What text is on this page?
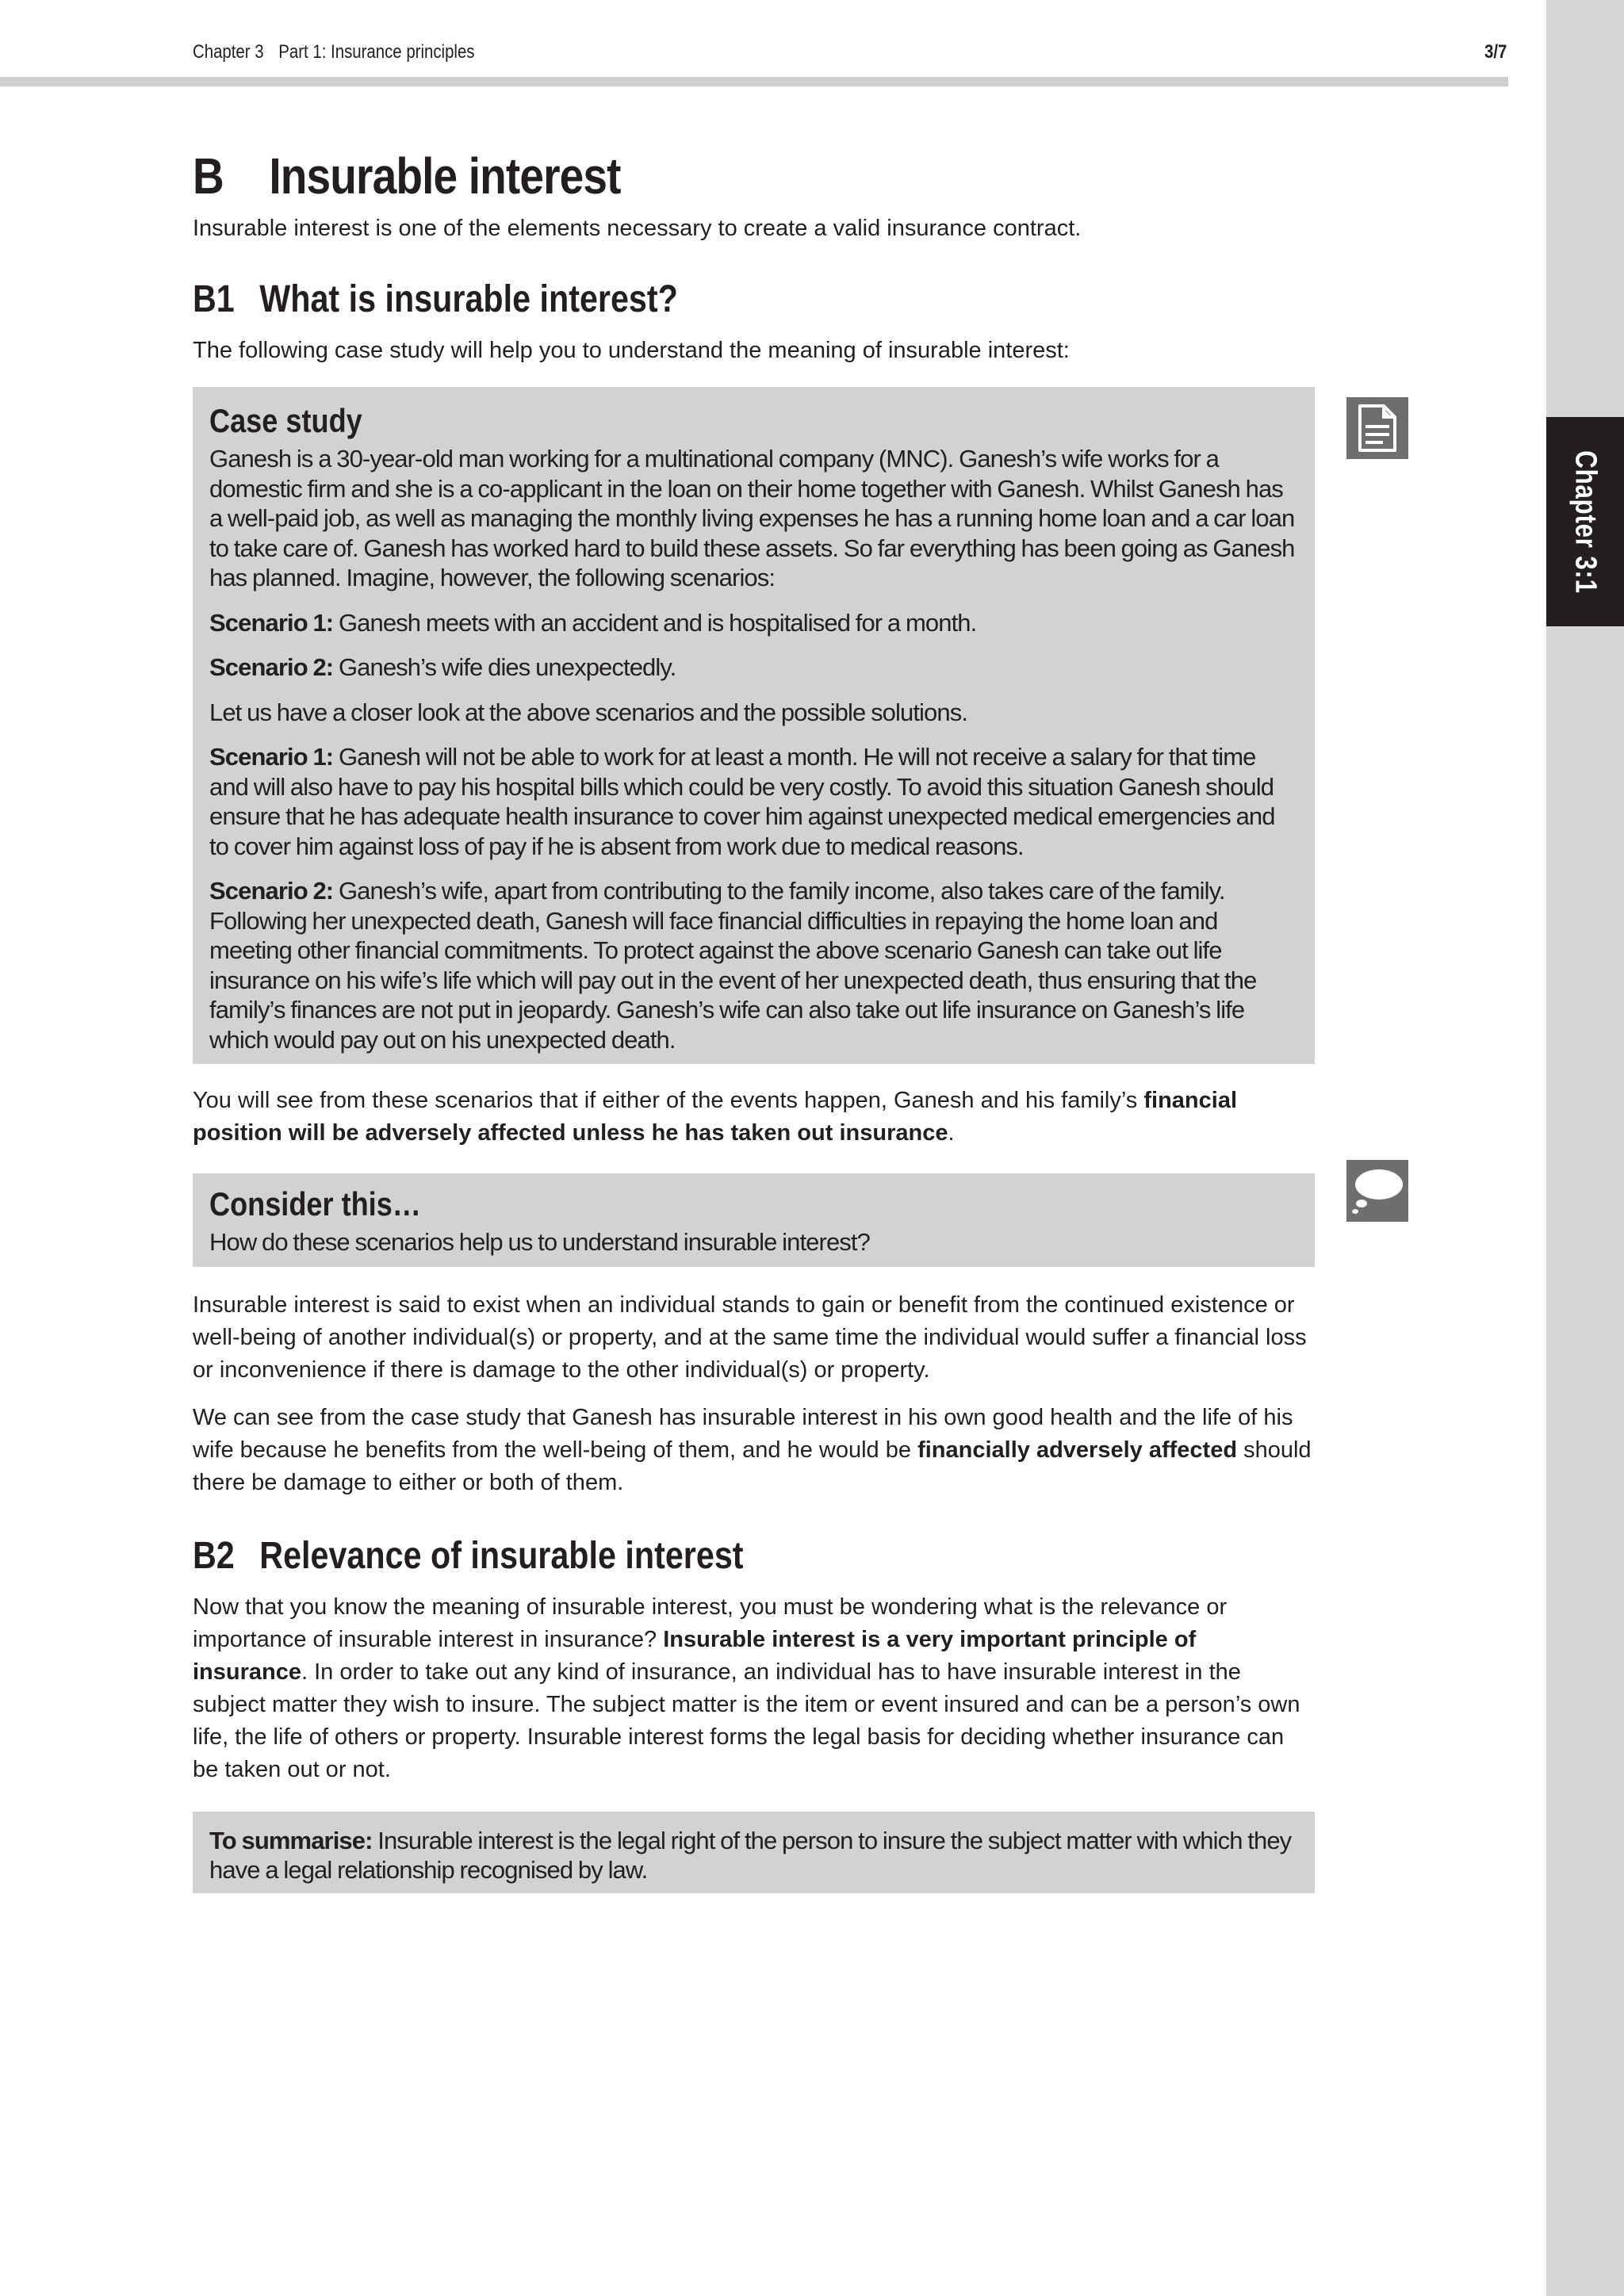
Chapter 3:1
Chapter 3 Part 1: Insurance principles	3/7
B Insurable interest

Insurable interest is one of the elements necessary to create a valid insurance contract.

B1 What is insurable interest?

The following case study will help you to understand the meaning of insurable interest:

Case study

Ganesh is a 30-year-old man working for a multinational company (MNC). Ganesh’s wife works for a domestic firm and she is a co-applicant in the loan on their home together with Ganesh. Whilst Ganesh has a well-paid job, as well as managing the monthly living expenses he has a running home loan and a car loan to take care of. Ganesh has worked hard to build these assets. So far everything has been going as Ganesh has planned. Imagine, however, the following scenarios:

Scenario 1: Ganesh meets with an accident and is hospitalised for a month.

Scenario 2: Ganesh’s wife dies unexpectedly.

Let us have a closer look at the above scenarios and the possible solutions.

Scenario 1: Ganesh will not be able to work for at least a month. He will not receive a salary for that time and will also have to pay his hospital bills which could be very costly. To avoid this situation Ganesh should ensure that he has adequate health insurance to cover him against unexpected medical emergencies and to cover him against loss of pay if he is absent from work due to medical reasons.

Scenario 2: Ganesh’s wife, apart from contributing to the family income, also takes care of the family. Following her unexpected death, Ganesh will face financial difficulties in repaying the home loan and meeting other financial commitments. To protect against the above scenario Ganesh can take out life insurance on his wife’s life which will pay out in the event of her unexpected death, thus ensuring that the family’s finances are not put in jeopardy. Ganesh’s wife can also take out life insurance on Ganesh’s life which would pay out on his unexpected death.

You will see from these scenarios that if either of the events happen, Ganesh and his family’s financial position will be adversely affected unless he has taken out insurance.

Consider this…

How do these scenarios help us to understand insurable interest?

Insurable interest is said to exist when an individual stands to gain or benefit from the continued existence or well-being of another individual(s) or property, and at the same time the individual would suffer a financial loss or inconvenience if there is damage to the other individual(s) or property.

We can see from the case study that Ganesh has insurable interest in his own good health and the life of his wife because he benefits from the well-being of them, and he would be financially adversely affected should there be damage to either or both of them.

B2 Relevance of insurable interest

Now that you know the meaning of insurable interest, you must be wondering what is the relevance or importance of insurable interest in insurance? Insurable interest is a very important principle of insurance. In order to take out any kind of insurance, an individual has to have insurable interest in the subject matter they wish to insure. The subject matter is the item or event insured and can be a person’s own life, the life of others or property. Insurable interest forms the legal basis for deciding whether insurance can be taken out or not.

To summarise: Insurable interest is the legal right of the person to insure the subject matter with which they have a legal relationship recognised by law.
